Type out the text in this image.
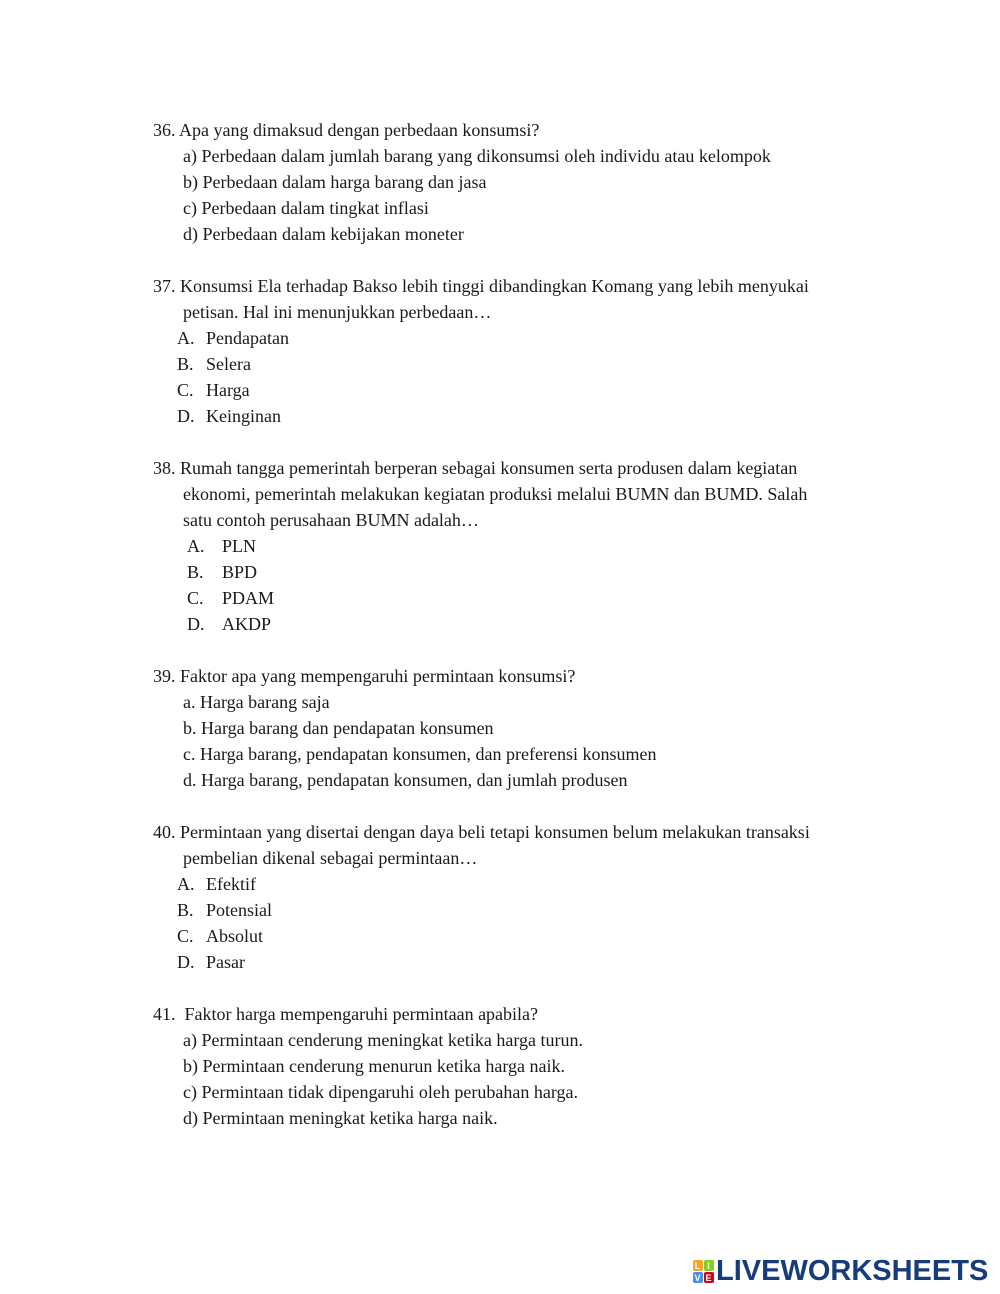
36. Apa yang dimaksud dengan perbedaan konsumsi?
a) Perbedaan dalam jumlah barang yang dikonsumsi oleh individu atau kelompok
b) Perbedaan dalam harga barang dan jasa
c) Perbedaan dalam tingkat inflasi
d) Perbedaan dalam kebijakan moneter
37. Konsumsi Ela terhadap Bakso lebih tinggi dibandingkan Komang yang lebih menyukai
petisan. Hal ini menunjukkan perbedaan…
A. Pendapatan
B. Selera
C. Harga
D. Keinginan
38. Rumah tangga pemerintah berperan sebagai konsumen serta produsen dalam kegiatan
ekonomi, pemerintah melakukan kegiatan produksi melalui BUMN dan BUMD. Salah
satu contoh perusahaan BUMN adalah…
A. PLN
B. BPD
C. PDAM
D. AKDP
39. Faktor apa yang mempengaruhi permintaan konsumsi?
a. Harga barang saja
b. Harga barang dan pendapatan konsumen
c. Harga barang, pendapatan konsumen, dan preferensi konsumen
d. Harga barang, pendapatan konsumen, dan jumlah produsen
40. Permintaan yang disertai dengan daya beli tetapi konsumen belum melakukan transaksi
pembelian dikenal sebagai permintaan…
A. Efektif
B. Potensial
C. Absolut
D. Pasar
41.  Faktor harga mempengaruhi permintaan apabila?
a) Permintaan cenderung meningkat ketika harga turun.
b) Permintaan cenderung menurun ketika harga naik.
c) Permintaan tidak dipengaruhi oleh perubahan harga.
d) Permintaan meningkat ketika harga naik.
L I
V E LIVEWORKSHEETS
